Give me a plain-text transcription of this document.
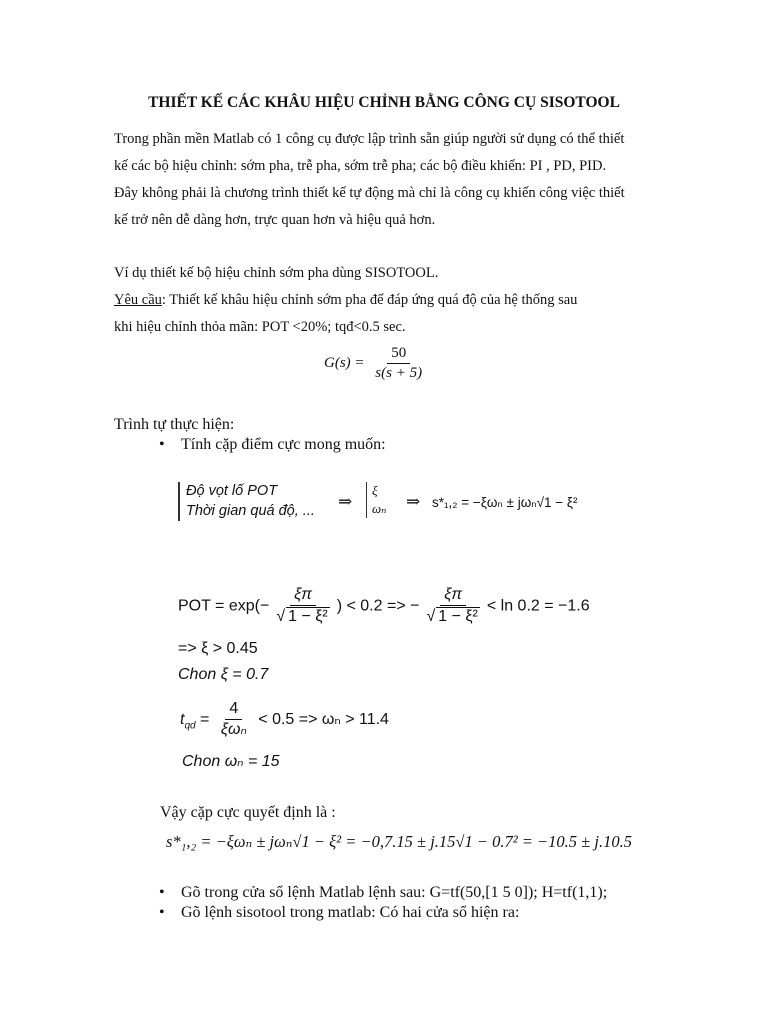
THIẾT KẾ CÁC KHÂU HIỆU CHỈNH BẰNG CÔNG CỤ SISOTOOL
Trong phần mền Matlab có 1 công cụ được lập trình sẵn giúp người sử dụng có thể thiết
kế các bộ hiệu chỉnh: sớm pha, trễ pha, sớm trễ pha; các bộ điều khiển: PI , PD, PID.
Đây không phải là chương trình thiết kế tự động mà chỉ là công cụ khiến công việc thiết
kế trở nên dễ dàng hơn, trực quan hơn và hiệu quả hơn.
Ví dụ thiết kế bộ hiệu chỉnh sớm pha dùng SISOTOOL.
Yêu cầu: Thiết kế khâu hiệu chỉnh sớm pha để đáp ứng quá độ của hệ thống sau
khi hiệu chỉnh thỏa mãn: POT <20%; tqđ<0.5 sec.
$G(s) = \frac{50}{s(s + 5)}$
Trình tự thực hiện:
• Tính cặp điểm cực mong muốn:
Độ vọt lố POT
Thời gian quá độ, ... ⇒
ξ
ωₙ ⇒ s*₁,₂ = −ξωₙ ± jωₙ√1 − ξ²
POT = $\exp(- \frac{\xi\pi}{\text{√ 1 − ξ²}}$ ) < 0.2 => − $\frac{\xi\pi}{\text{√ 1 − ξ²}} < \ln 0.2 = -1.6$
=> ξ > 0.45
Chon ξ = 0.7
$t_{qd} = \frac{4}{\text{ξωₙ}} < 0.5 => \omega_n > 11.4$
Chon ωₙ = 15
Vậy cặp cực quyết định là :
s*₁,₂ = −ξωₙ ± jωₙ√1 − ξ² = −0,7.15 ± j.15√1 − 0.7² = −10.5 ± j.10.5
• Gõ trong cửa sổ lệnh Matlab lệnh sau: G=tf(50,[1 5 0]); H=tf(1,1);
• Gõ lệnh sisotool trong matlab: Có hai cửa sổ hiện ra:
